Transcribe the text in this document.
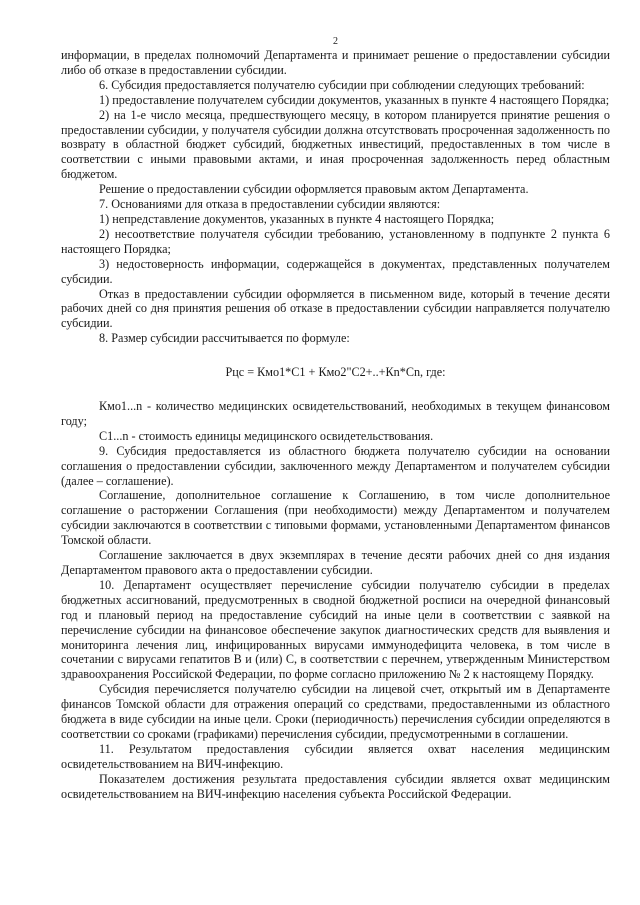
2

информации, в пределах полномочий Департамента и принимает решение о предоставлении субсидии либо об отказе в предоставлении субсидии.

6. Субсидия предоставляется получателю субсидии при соблюдении следующих требований:

1) предоставление получателем субсидии документов, указанных в пункте 4 настоящего Порядка;

2) на 1-е число месяца, предшествующего месяцу, в котором планируется принятие решения о предоставлении субсидии, у получателя субсидии должна отсутствовать просроченная задолженность по возврату в областной бюджет субсидий, бюджетных инвестиций, предоставленных в том числе в соответствии с иными правовыми актами, и иная просроченная задолженность перед областным бюджетом.

Решение о предоставлении субсидии оформляется правовым актом Департамента.

7. Основаниями для отказа в предоставлении субсидии являются:

1) непредставление документов, указанных в пункте 4 настоящего Порядка;

2) несоответствие получателя субсидии требованию, установленному в подпункте 2 пункта 6 настоящего Порядка;

3) недостоверность информации, содержащейся в документах, представленных получателем субсидии.

Отказ в предоставлении субсидии оформляется в письменном виде, который в течение десяти рабочих дней со дня принятия решения об отказе в предоставлении субсидии направляется получателю субсидии.

8. Размер субсидии рассчитывается по формуле:

Рцс = Кмо1*С1 + Кмо2"С2+..+Кn*Сn, где:

Кмо1...n - количество медицинских освидетельствований, необходимых в текущем финансовом году;

С1...n - стоимость единицы медицинского освидетельствования.

9. Субсидия предоставляется из областного бюджета получателю субсидии на основании соглашения о предоставлении субсидии, заключенного между Департаментом и получателем субсидии (далее – соглашение).

Соглашение, дополнительное соглашение к Соглашению, в том числе дополнительное соглашение о расторжении Соглашения (при необходимости) между Департаментом и получателем субсидии заключаются в соответствии с типовыми формами, установленными Департаментом финансов Томской области.

Соглашение заключается в двух экземплярах в течение десяти рабочих дней со дня издания Департаментом правового акта о предоставлении субсидии.

10. Департамент осуществляет перечисление субсидии получателю субсидии в пределах бюджетных ассигнований, предусмотренных в сводной бюджетной росписи на очередной финансовый год и плановый период на предоставление субсидий на иные цели в соответствии с заявкой на перечисление субсидии на финансовое обеспечение закупок диагностических средств для выявления и мониторинга лечения лиц, инфицированных вирусами иммунодефицита человека, в том числе в сочетании с вирусами гепатитов В и (или) С, в соответствии с перечнем, утвержденным Министерством здравоохранения Российской Федерации, по форме согласно приложению № 2 к настоящему Порядку.

Субсидия перечисляется получателю субсидии на лицевой счет, открытый им в Департаменте финансов Томской области для отражения операций со средствами, предоставленными из областного бюджета в виде субсидии на иные цели. Сроки (периодичность) перечисления субсидии определяются в соответствии со сроками (графиками) перечисления субсидии, предусмотренными в соглашении.

11. Результатом предоставления субсидии является охват населения медицинским освидетельствованием на ВИЧ-инфекцию.

Показателем достижения результата предоставления субсидии является охват медицинским освидетельствованием на ВИЧ-инфекцию населения субъекта Российской Федерации.
